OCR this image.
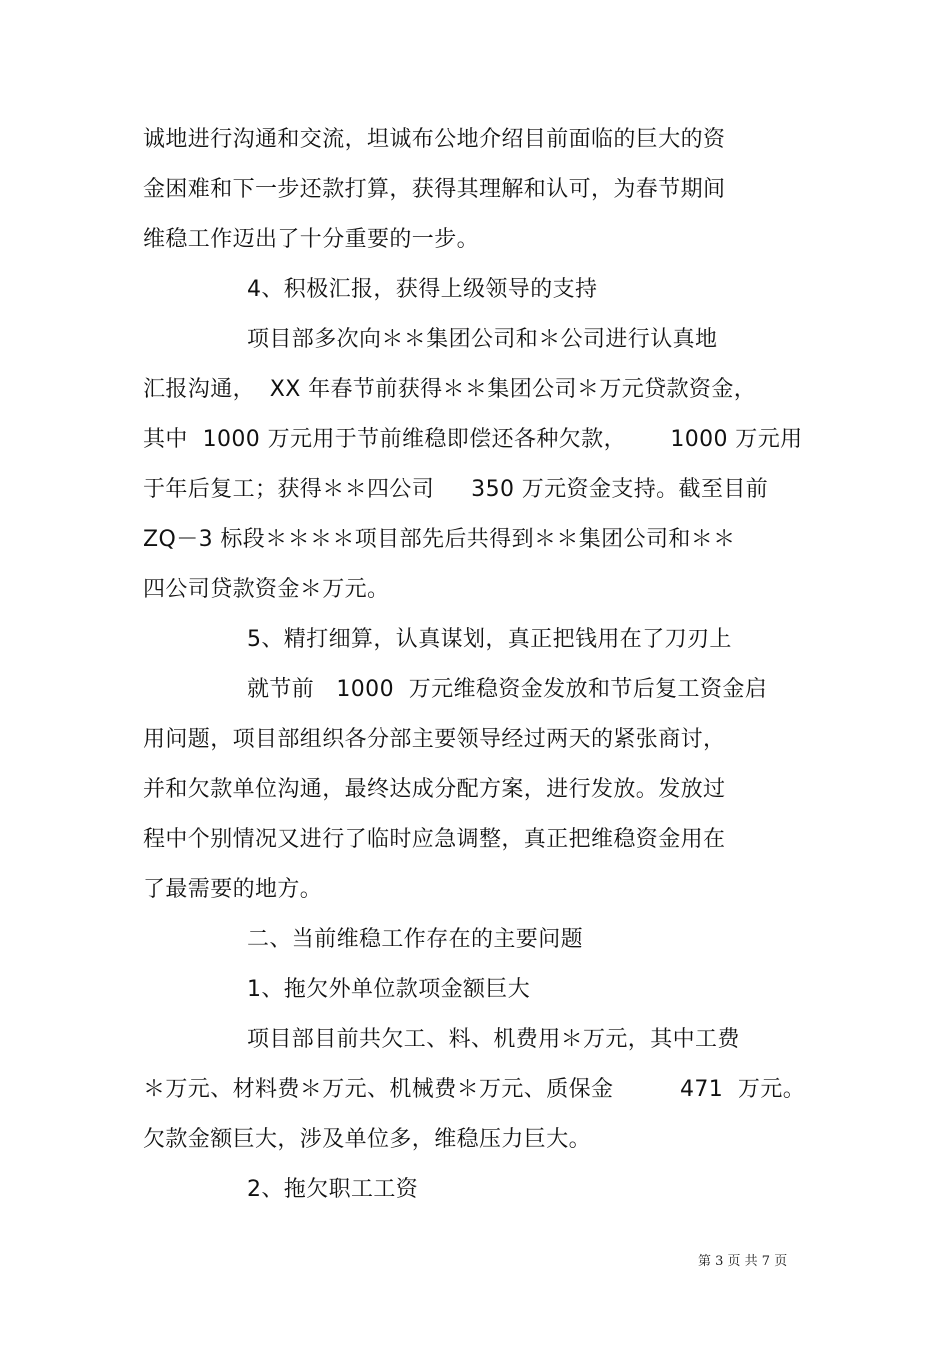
诚地进行沟通和交流，坦诚布公地介绍目前面临的巨大的资
金困难和下一步还款打算，获得其理解和认可，为春节期间
维稳工作迈出了十分重要的一步。
4、积极汇报，获得上级领导的支持
项目部多次向＊＊集团公司和＊公司进行认真地
汇报沟通，  XX 年春节前获得＊＊集团公司＊万元贷款资金，
其中  1000 万元用于节前维稳即偿还各种欠款，      1000 万元用
于年后复工；获得＊＊四公司     350 万元资金支持。截至目前
ZQ－3 标段＊＊＊＊项目部先后共得到＊＊集团公司和＊＊
四公司贷款资金＊万元。
5、精打细算，认真谋划，真正把钱用在了刀刃上
就节前   1000  万元维稳资金发放和节后复工资金启
用问题，项目部组织各分部主要领导经过两天的紧张商讨，
并和欠款单位沟通，最终达成分配方案，进行发放。发放过
程中个别情况又进行了临时应急调整，真正把维稳资金用在
了最需要的地方。
二、当前维稳工作存在的主要问题
1、拖欠外单位款项金额巨大
项目部目前共欠工、料、机费用＊万元，其中工费
＊万元、材料费＊万元、机械费＊万元、质保金         471  万元。
欠款金额巨大，涉及单位多，维稳压力巨大。
2、拖欠职工工资
第 3 页 共 7 页
